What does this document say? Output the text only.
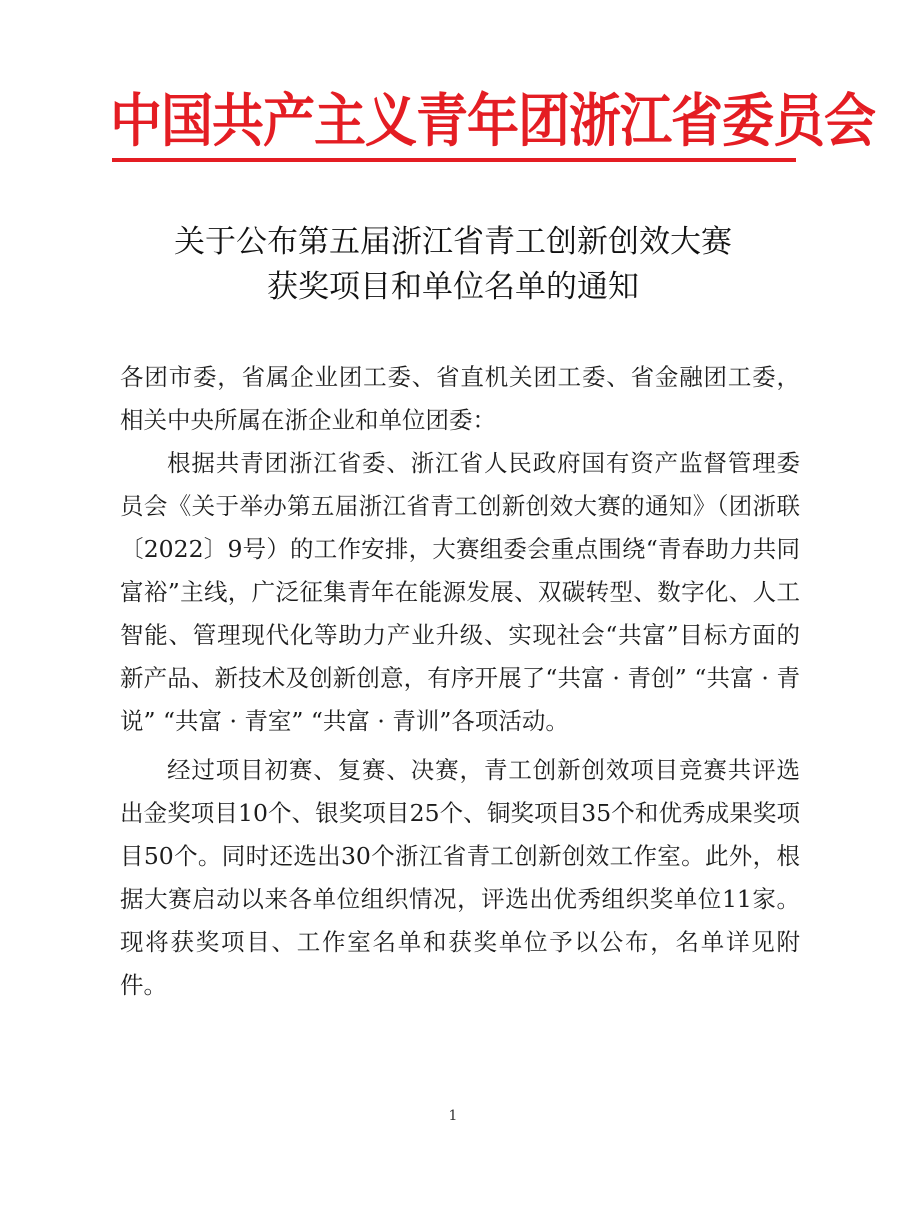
中国共产主义青年团浙江省委员会
关于公布第五届浙江省青工创新创效大赛
获奖项目和单位名单的通知

各团市委，省属企业团工委、省直机关团工委、省金融团工委，相关中央所属在浙企业和单位团委：

根据共青团浙江省委、浙江省人民政府国有资产监督管理委员会《关于举办第五届浙江省青工创新创效大赛的通知》（团浙联〔2022〕9号）的工作安排，大赛组委会重点围绕“青春助力共同富裕”主线，广泛征集青年在能源发展、双碳转型、数字化、人工智能、管理现代化等助力产业升级、实现社会“共富”目标方面的新产品、新技术及创新创意，有序开展了“共富 · 青创” “共富 · 青说” “共富 · 青室” “共富 · 青训”各项活动。

经过项目初赛、复赛、决赛，青工创新创效项目竞赛共评选出金奖项目10个、银奖项目25个、铜奖项目35个和优秀成果奖项目50个。同时还选出30个浙江省青工创新创效工作室。此外，根据大赛启动以来各单位组织情况，评选出优秀组织奖单位11家。现将获奖项目、工作室名单和获奖单位予以公布，名单详见附件。

1
